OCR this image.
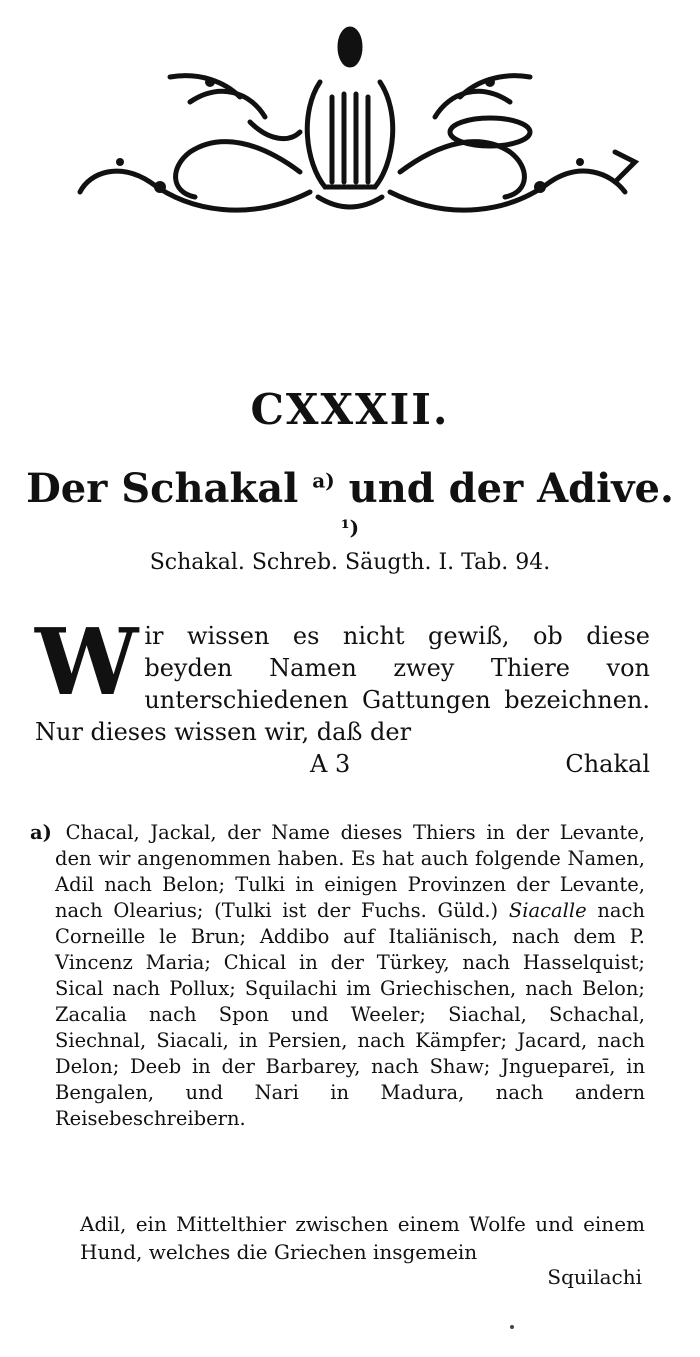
CXXXII.
Der Schakal $^{a)}$ und der Adive. $^{^1)}$
Schakal. Schreb. Säugth. I. Tab. 94.
Wir wissen es nicht gewiß, ob diese beyden Namen zwey Thiere von unterschiedenen Gattungen bezeichnen. Nur dieses wissen wir, daß der
A 3	Chakal
a) Chacal, Jackal, der Name dieses Thiers in der Levante, den wir angenommen haben. Es hat auch folgende Namen, Adil nach Belon; Tulki in einigen Provinzen der Levante, nach Olearius; (Tulki ist der Fuchs. Güld.) Siacalle nach Corneille le Brun; Addibo auf Italiänisch, nach dem P. Vincenz Maria; Chical in der Türkey, nach Hasselquist; Sical nach Pollux; Squilachi im Griechischen, nach Belon; Zacalia nach Spon und Weeler; Siachal, Schachal, Siechnal, Siacali, in Persien, nach Kämpfer; Jacard, nach Delon; Deeb in der Barbarey, nach Shaw; Jnguepareī, in Bengalen, und Nari in Madura, nach andern Reisebeschreibern.
Adil, ein Mittelthier zwischen einem Wolfe und einem Hund, welches die Griechen insgemein
Squilachi
